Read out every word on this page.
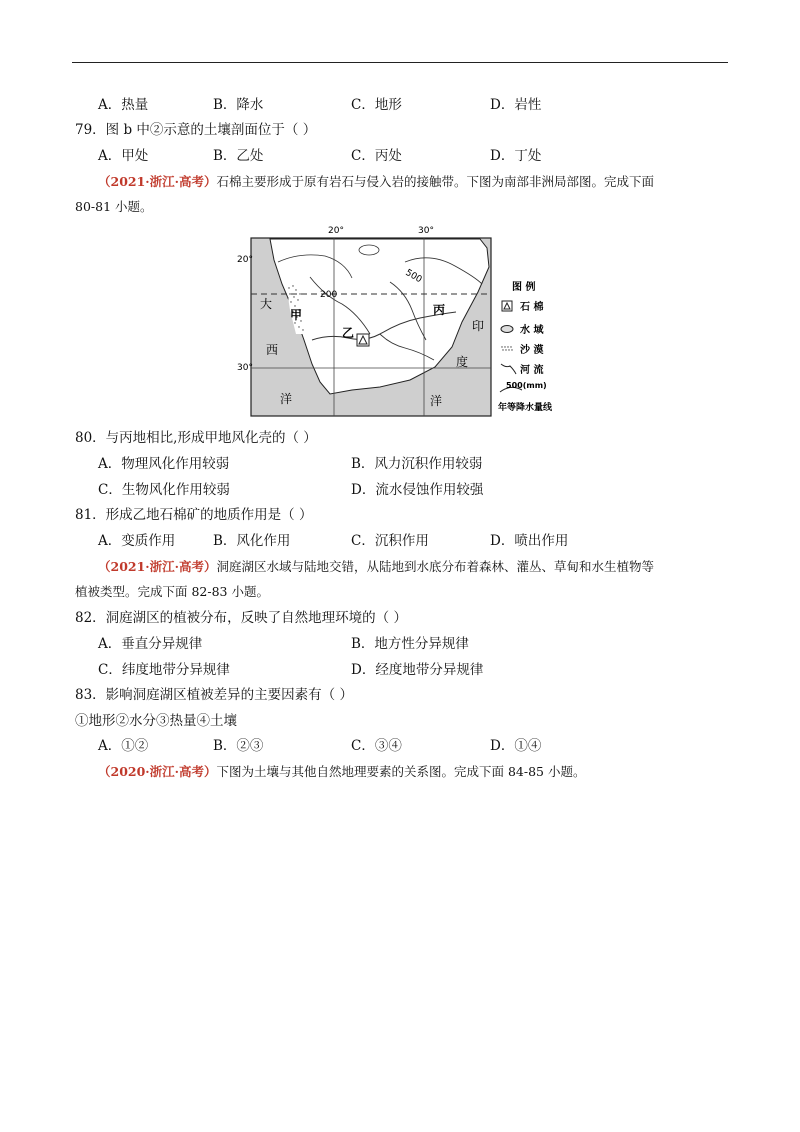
A．热量	B．降水	C．地形	D．岩性
79．图 b 中②示意的土壤剖面位于（ ）
A．甲处	B．乙处	C．丙处	D．丁处
（2021·浙江·高考）石棉主要形成于原有岩石与侵入岩的接触带。下图为南部非洲局部图。完成下面
80-81 小题。
20°	30°
20°
30°
200
500
甲
乙
丙
大
西
洋
印
度
洋
图 例
石 棉
水 域
沙 漠
河 流
500(mm)
年等降水量线
80．与丙地相比,形成甲地风化壳的（ ）
A．物理风化作用较弱	B．风力沉积作用较弱
C．生物风化作用较弱	D．流水侵蚀作用较强
81．形成乙地石棉矿的地质作用是（ ）
A．变质作用	B．风化作用	C．沉积作用	D．喷出作用
（2021·浙江·高考）洞庭湖区水域与陆地交错，从陆地到水底分布着森林、灌丛、草甸和水生植物等
植被类型。完成下面 82-83 小题。
82．洞庭湖区的植被分布，反映了自然地理环境的（ ）
A．垂直分异规律	B．地方性分异规律
C．纬度地带分异规律	D．经度地带分异规律
83．影响洞庭湖区植被差异的主要因素有（ ）
①地形②水分③热量④土壤
A．①②	B．②③	C．③④	D．①④
（2020·浙江·高考）下图为土壤与其他自然地理要素的关系图。完成下面 84-85 小题。
